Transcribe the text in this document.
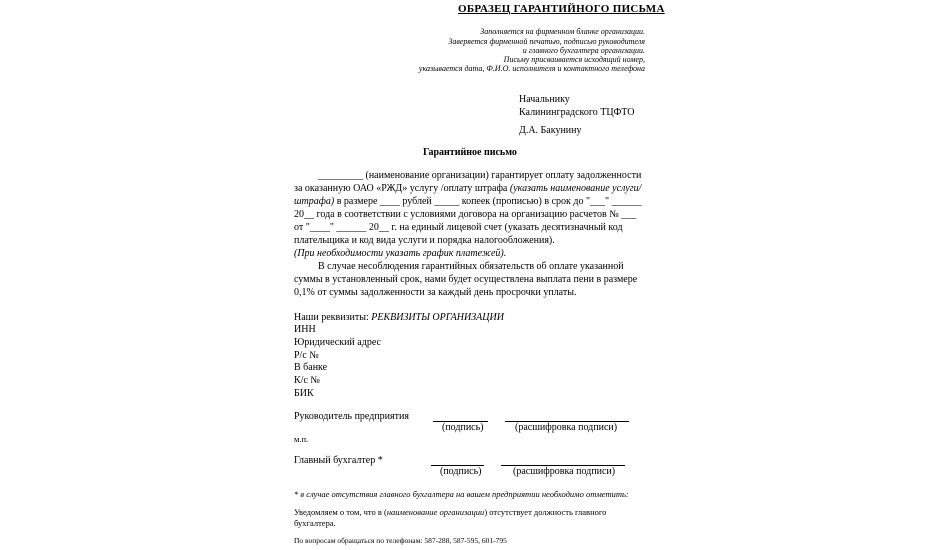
ОБРАЗЕЦ ГАРАНТИЙНОГО ПИСЬМА
Заполняется на фирменном бланке организации.
Заверяется фирменной печатью, подписью руководителя
и главного бухгалтера организации.
Письму присваивается исходящий номер,
указывается дата, Ф.И.О. исполнителя и контактного телефона
Начальнику
Калининградского ТЦФТО
Д.А. Бакунину
Гарантийное письмо
_________ (наименование организации) гарантирует оплату задолженности
за оказанную ОАО «РЖД» услугу /оплату штрафа (указать наименование услуги/
штрафа) в размере ____ рублей _____ копеек (прописью) в срок до "___" ______
20__ года в соответствии с условиями договора на организацию расчетов № ___
от "____" ______ 20__ г. на единый лицевой счет (указать десятизначный код
плательщика и код вида услуги и порядка налогообложения).
(При необходимости указать график платежей).
В случае несоблюдения гарантийных обязательств об оплате указанной
суммы в установленный срок, нами будет осуществлена выплата пени в размере
0,1% от суммы задолженности за каждый день просрочки уплаты.
Наши реквизиты: РЕКВИЗИТЫ ОРГАНИЗАЦИИ
ИНН
Юридический адрес
Р/с №
В банке
К/с №
БИК
Руководитель предприятия
(подпись)	(расшифровка подписи)
м.п.
Главный бухгалтер *
(подпись)	(расшифровка подписи)
* в случае отсутствия главного бухгалтера на вашем предприятии необходимо отметить:
Уведомляем о том, что в (наименование организации) отсутствует должность главного
бухгалтера.
По вопросам обращаться по телефонам: 587-288, 587-595, 601-795
